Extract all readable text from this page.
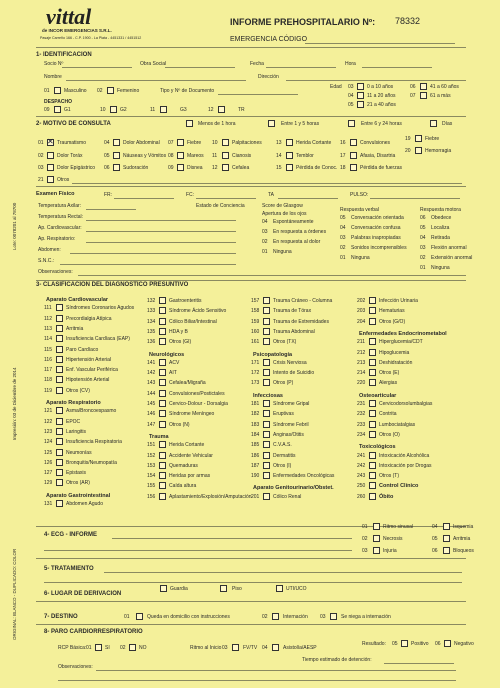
vittal
de INCOR EMERGENCIAS S.R.L.
Pasaje Carreño 166 - C.P. 1900 - La Plata - 4451331 / 4451512
INFORME PREHOSPITALARIO Nº: 78332
EMERGENCIA CÓDIGO
1- IDENTIFICACION
Socio Nº	Obra Social	Fecha	Hora
Nombre	Dirección
01	Masculino 02	Femenino	Tipo y Nº de Documento
Edad 03	0 a 10 años
04	11 a 20 años
05	21 a 40 años
06	41 a 60 años
07	61 a más
DESPACHO
09	G1	10	G2	11	G3	12	TR
2- MOTIVO DE CONSULTA	Menos de 1 hora	Entre 1 y 5 horas	Entre 6 y 24 horas	Días
01
✕	Traumatismo
02	Dolor Toráx
03	Dolor Epigástrico
21	Otros
04	Dolor Abdominal
05	Náuseas y Vómitos
06	Sudoración
07	Fiebre
08	Mareos
09	Disnea
10	Palpitaciones
11	Cianosis
12	Cefalea
13	Herida Cortante
14	Temblor
15	Pérdida de Conoc.
16	Convulsiones
17	Afasia, Disartria
18	Pérdida de fuerzas
19	Fiebre
20	Hemorragia
Examen Físico	FR:	FC:	TA	PULSO:
Temperatura Axilar:	Estado de Conciencia
Temperatura Rectal:
Ap. Cardiovascular:
Ap. Respiratorio:
Abdomen:
S.N.C.:
Observaciones:
Score de Glasgow
Apertura de los ojos
04 Espontáneamente
03 En respuesta a órdenes
02 En respuesta al dolor
01 Ninguna
Respuesta verbal
05 Conversación orientada
04 Conversación confusa
03 Palabras inapropiadas
02 Sonidos incomprensibles
01 Ninguna
Respuesta motora
06 Obedece
05 Localiza
04 Retirada
03 Flexión anormal
02 Extensión anormal
01 Ninguna
3- CLASIFICACION DEL DIAGNOSTICO PRESUNTIVO
Aparato Cardiovascular
111	Síndromes Coronarios Agudos
112	Precordialgia Atípica
113	Arritmia
114	Insuficiencia Cardíaca (EAP)
115	Paro Cardíaco
116	Hipertensión Arterial
117	Enf. Vascular Periférica
118	Hipotensión Arterial
119	Otros (CV)
Aparato Respiratorio
121	Asma/Broncoespasmo
122	EPOC
123	Laringitis
124	Insuficiencia Respiratoria
125	Neumonías
126	Bronquitis/Neumopatía
127	Epistaxis
129	Otros (AR)
Aparato Gastrointestinal
131	Abdomen Agudo
132	Gastroenteritis
133	Síndrome Ácido Sensitivo
134	Cólico Biliar/Intestinal
135	HDA y B
136	Otros (GI)
Neurológicos
141	ACV
142	AIT
143	Cefalea/Migraña
144	Convulsiones/Postictales
145	Cervico-Dolour - Dorsalgia
146	Síndrome Meníngeo
147	Otros (N)
Trauma
151	Herida Cortante
152	Accidente Vehicular
153	Quemaduras
154	Heridas por armas
155	Caída altura
156	Aplastamiento/Explosión/Amputación
157	Trauma Cráneo - Columna
158	Trauma de Tórax
159	Trauma de Extremidades
160	Trauma Abdominal
161	Otros (TX)
Psicopatología
171	Crisis Nerviosa
172	Intento de Suicidio
173	Otros (P)
Infecciosas
181	Síndrome Gripal
182	Eruptivas
183	Síndrome Febril
184	Anginas/Otitis
185	C.V.A.S.
186	Dermatitis
187	Otros (I)
190	Enfermedades Oncológicas
Aparato Genitourinario/Obstet.
201	Cólico Renal
202	Infección Urinaria
203	Hematurias
204	Otros (G/O)
Enfermedades Endocrinometabol
211	Hiperglucemia/CDT
212	Hipoglucemia
213	Deshidratación
214	Otros (E)
220	Alergias
Osteoarticular
231	Cervicodorsolumbalgias
232	Contrita
233	Lumbociatalgias
234	Otros (O)
Toxicológicos
241	Intoxicación Alcohólica
242	Intoxicación por Drogas
243	Otros (T)
250 Control Clínico
260 Óbito
4- ECG - INFORME
01	Ritmo sinusal	04	Isquemia
02	Necrosis	05	Arritmia
03	Injuria	06	Bloqueos
5- TRATAMIENTO
6- LUGAR DE DERIVACION
Guardia	Piso	UTI/UCO
7- DESTINO	01	Queda en domicilio con instrucciones	02	Internación 03	Se niega a internación
8- PARO CARDIORRESPIRATORIO
RCP Básica: 01	SI 02	NO	Ritmo al Inicio 03	FV/TV 04	Asistolía/AESP
Resultado: 05	Positivo 06	Negativo
Tiempo estimado de detención:
Observaciones:
Lote: 0078201 al 78700
Impresión: 03 de Diciembre de 2014
ORIGINAL: BLANCO - DUPLICADO: COLOR
